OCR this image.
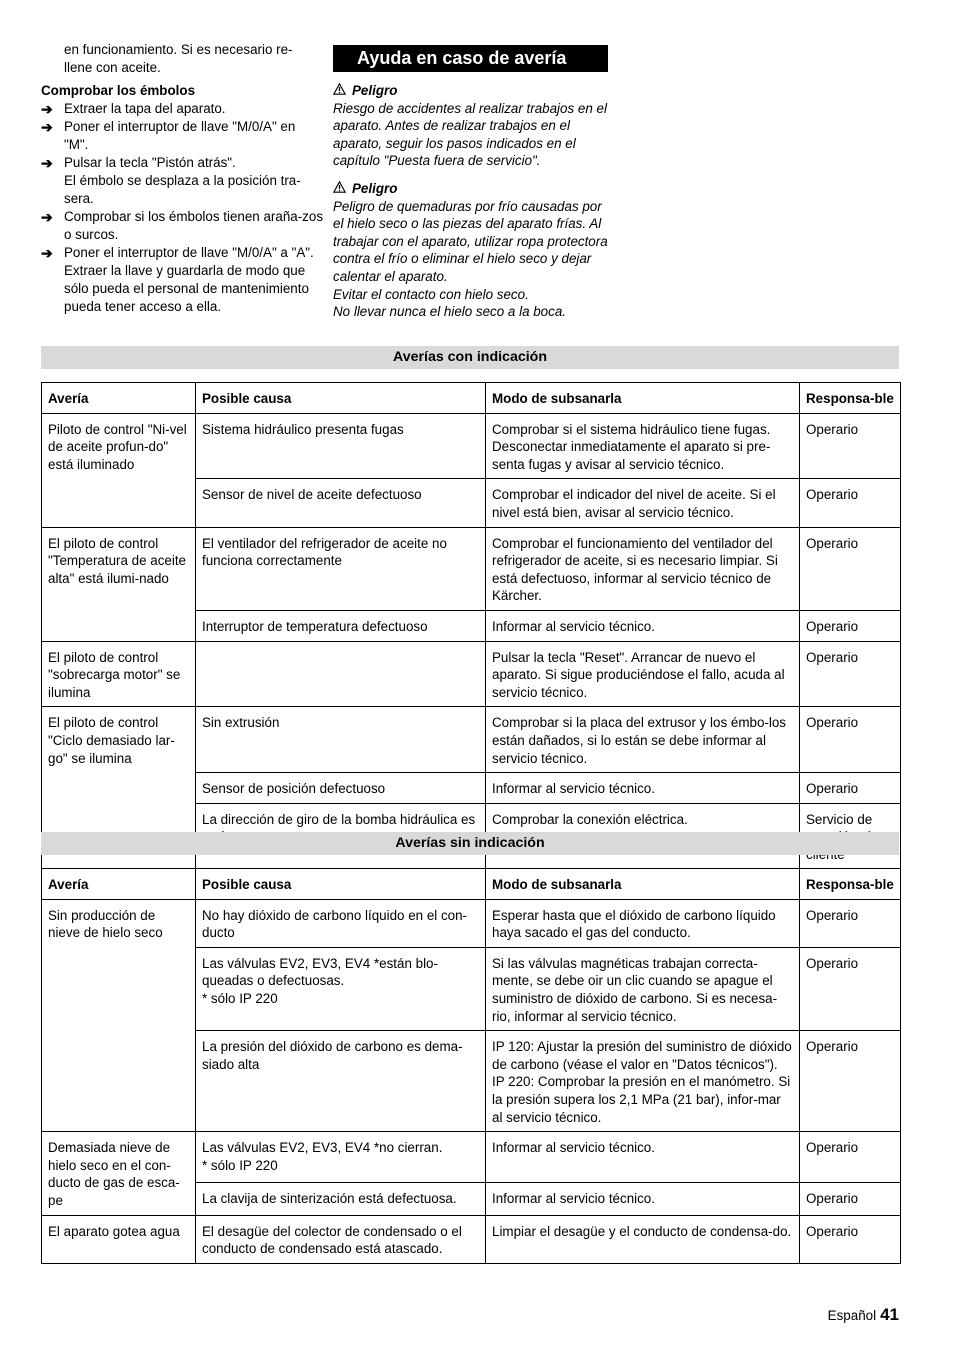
en funcionamiento. Si es necesario re-
llene con aceite.
Comprobar los émbolos
➔ Extraer la tapa del aparato.
➔ Poner el interruptor de llave "M/0/A" en "M".
➔ Pulsar la tecla "Pistón atrás".
El émbolo se desplaza a la posición tra-sera.
➔ Comprobar si los émbolos tienen araña-zos o surcos.
➔ Poner el interruptor de llave "M/0/A" a "A". Extraer la llave y guardarla de modo que sólo pueda el personal de mantenimiento pueda tener acceso a ella.
Ayuda en caso de avería
Peligro
Riesgo de accidentes al realizar trabajos en el aparato. Antes de realizar trabajos en el aparato, seguir los pasos indicados en el capítulo "Puesta fuera de servicio".
Peligro
Peligro de quemaduras por frío causadas por el hielo seco o las piezas del aparato frías. Al trabajar con el aparato, utilizar ropa protectora contra el frío o eliminar el hielo seco y dejar calentar el aparato.
Evitar el contacto con hielo seco.
No llevar nunca el hielo seco a la boca.
Averías con indicación
Avería	Posible causa	Modo de subsanarla	Responsa-ble
Piloto de control "Ni-vel de aceite profun-do" está iluminado	Sistema hidráulico presenta fugas	Comprobar si el sistema hidráulico tiene fugas. Desconectar inmediatamente el aparato si pre-senta fugas y avisar al servicio técnico.	Operario
	Sensor de nivel de aceite defectuoso	Comprobar el indicador del nivel de aceite. Si el nivel está bien, avisar al servicio técnico.	Operario
El piloto de control "Temperatura de aceite alta" está ilumi-nado	El ventilador del refrigerador de aceite no funciona correctamente	Comprobar el funcionamiento del ventilador del refrigerador de aceite, si es necesario limpiar. Si está defectuoso, informar al servicio técnico de Kärcher.	Operario
	Interruptor de temperatura defectuoso	Informar al servicio técnico.	Operario
El piloto de control "sobrecarga motor" se ilumina		Pulsar la tecla "Reset". Arrancar de nuevo el aparato. Si sigue produciéndose el fallo, acuda al servicio técnico.	Operario
El piloto de control "Ciclo demasiado lar-go" se ilumina	Sin extrusión	Comprobar si la placa del extrusor y los émbo-los están dañados, si lo están se debe informar al servicio técnico.	Operario
	Sensor de posición defectuoso	Informar al servicio técnico.	Operario
	La dirección de giro de la bomba hidráulica es	Comprobar la conexión eléctrica.	Servicio de
Averías sin indicación
Avería	Posible causa	Modo de subsanarla	Responsa-ble
Sin producción de nieve de hielo seco	No hay dióxido de carbono líquido en el con-ducto	Esperar hasta que el dióxido de carbono líquido haya sacado el gas del conducto.	Operario
	Las válvulas EV2, EV3, EV4 *están blo-queadas o defectuosas.
* sólo IP 220	Si las válvulas magnéticas trabajan correcta-mente, se debe oir un clic cuando se apague el suministro de dióxido de carbono. Si es necesa-rio, informar al servicio técnico.	Operario
	La presión del dióxido de carbono es dema-siado alta	IP 120: Ajustar la presión del suministro de dióxido de carbono (véase el valor en "Datos técnicos").
IP 220: Comprobar la presión en el manómetro. Si la presión supera los 2,1 MPa (21 bar), infor-mar al servicio técnico.	Operario
Demasiada nieve de hielo seco en el con-ducto de gas de esca-pe	Las válvulas EV2, EV3, EV4 *no cierran.
* sólo IP 220	Informar al servicio técnico.	Operario
	La clavija de sinterización está defectuosa.	Informar al servicio técnico.	Operario
El aparato gotea agua	El desagüe del colector de condensado o el conducto de condensado está atascado.	Limpiar el desagüe y el conducto de condensa-do.	Operario
Español 41
